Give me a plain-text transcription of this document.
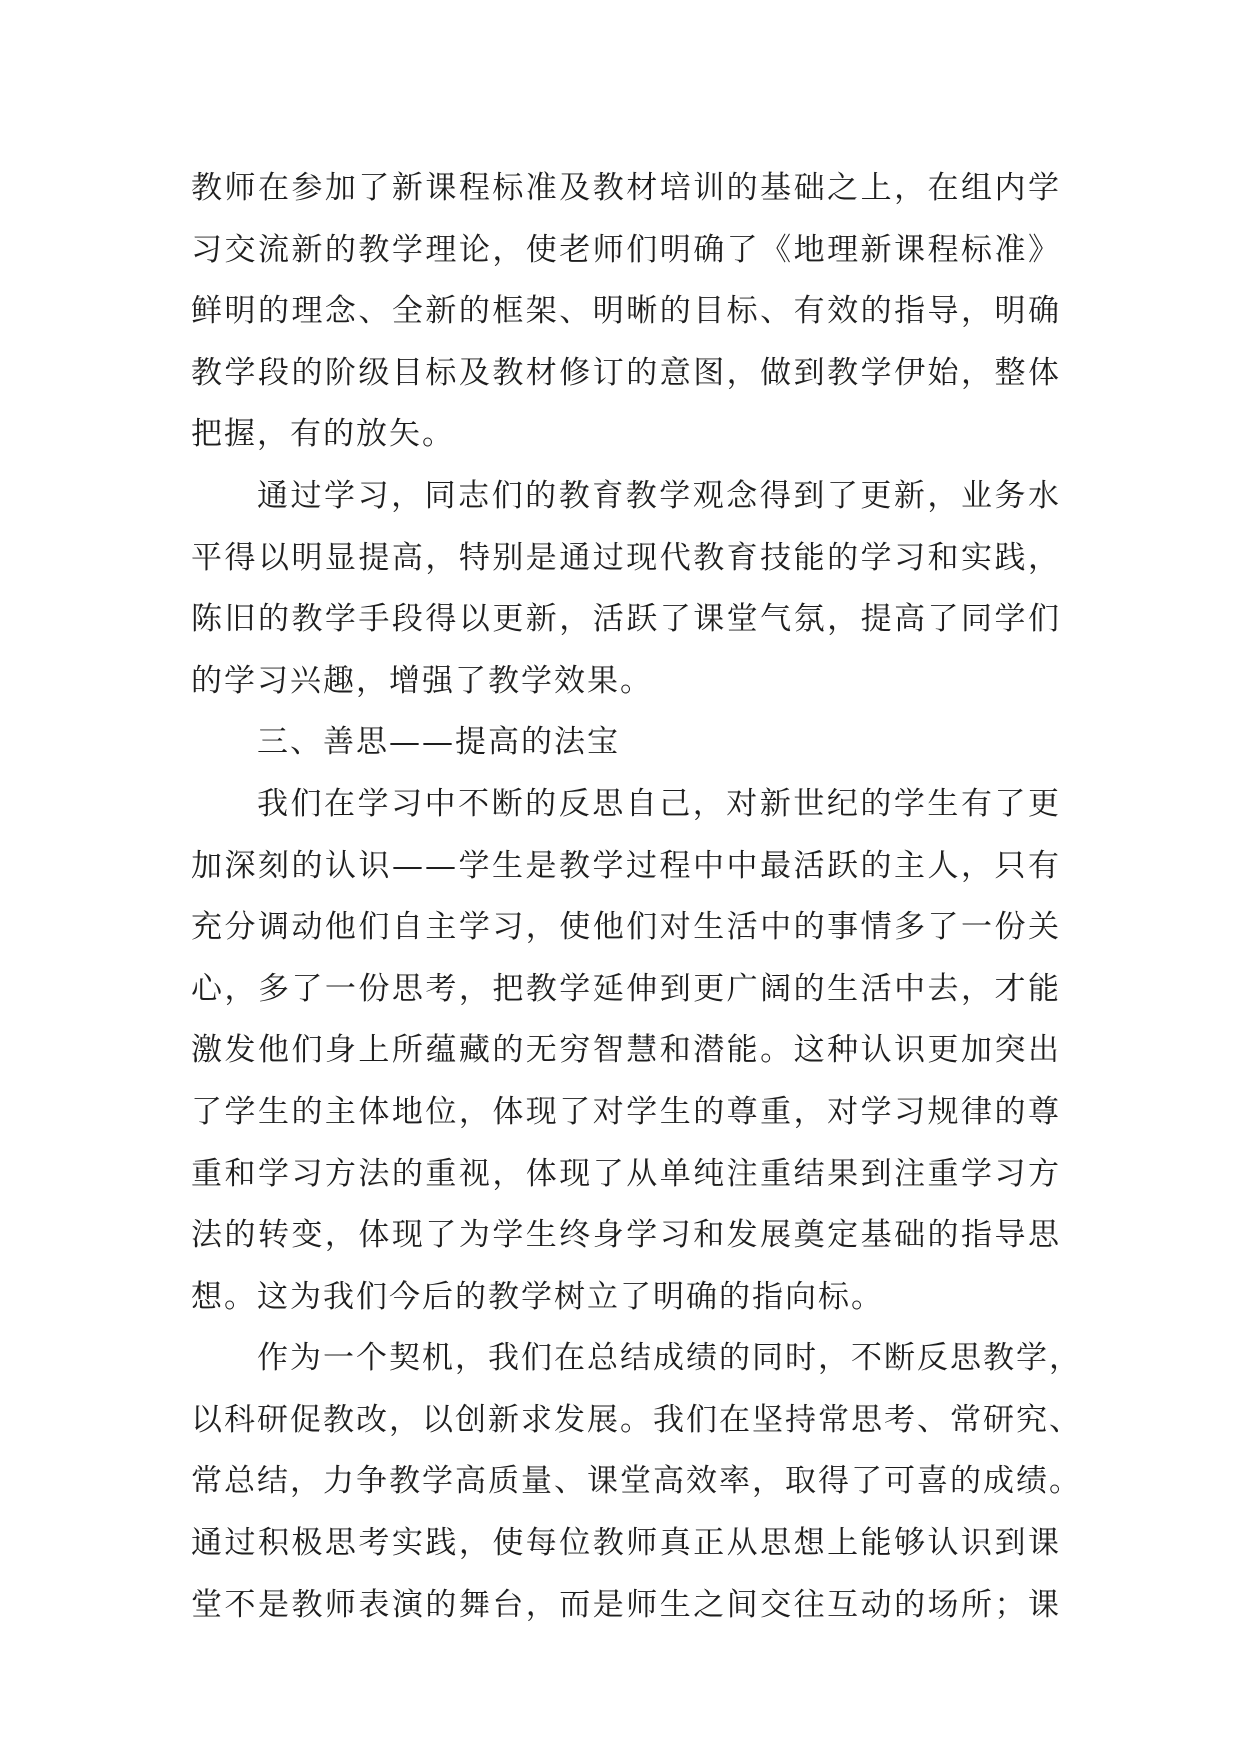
教师在参加了新课程标准及教材培训的基础之上，在组内学
习交流新的教学理论，使老师们明确了《地理新课程标准》
鲜明的理念、全新的框架、明晰的目标、有效的指导，明确
教学段的阶级目标及教材修订的意图，做到教学伊始，整体
把握，有的放矢。
通过学习，同志们的教育教学观念得到了更新，业务水
平得以明显提高，特别是通过现代教育技能的学习和实践，
陈旧的教学手段得以更新，活跃了课堂气氛，提高了同学们
的学习兴趣，增强了教学效果。
三、善思——提高的法宝
我们在学习中不断的反思自己，对新世纪的学生有了更
加深刻的认识——学生是教学过程中中最活跃的主人，只有
充分调动他们自主学习，使他们对生活中的事情多了一份关
心，多了一份思考，把教学延伸到更广阔的生活中去，才能
激发他们身上所蕴藏的无穷智慧和潜能。这种认识更加突出
了学生的主体地位，体现了对学生的尊重，对学习规律的尊
重和学习方法的重视，体现了从单纯注重结果到注重学习方
法的转变，体现了为学生终身学习和发展奠定基础的指导思
想。这为我们今后的教学树立了明确的指向标。
作为一个契机，我们在总结成绩的同时，不断反思教学，
以科研促教改，以创新求发展。我们在坚持常思考、常研究、
常总结，力争教学高质量、课堂高效率，取得了可喜的成绩。
通过积极思考实践，使每位教师真正从思想上能够认识到课
堂不是教师表演的舞台，而是师生之间交往互动的场所；课
